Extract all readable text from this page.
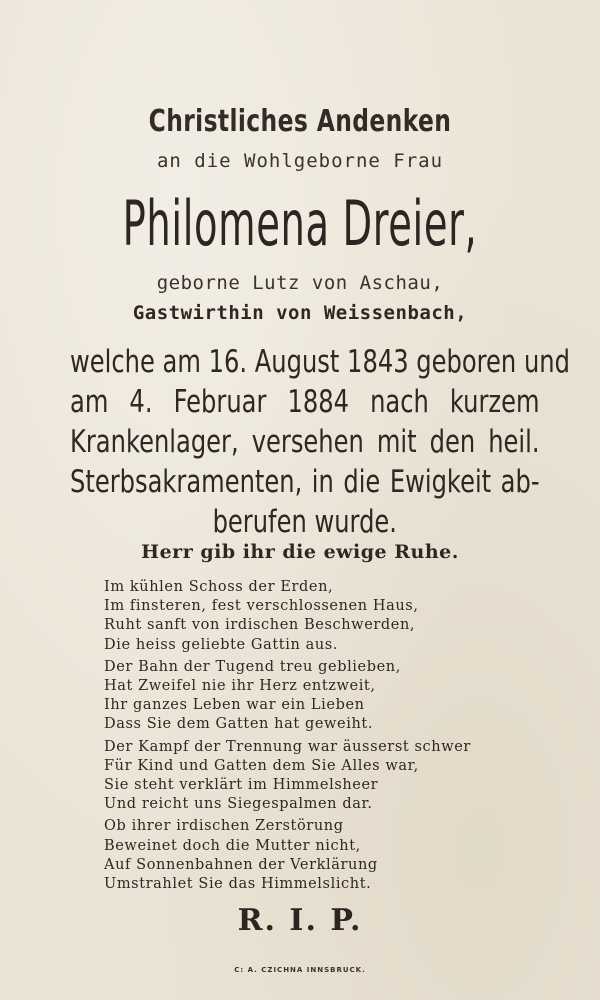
Christliches Andenken
an die Wohlgeborne Frau
Philomena Dreier,
geborne Lutz von Aschau,
Gastwirthin von Weissenbach,
welche am 16. August 1843 geboren und
am 4. Februar 1884 nach kurzem
Krankenlager, versehen mit den heil.
Sterbsakramenten, in die Ewigkeit ab-
berufen wurde.
Herr gib ihr die ewige Ruhe.
Im kühlen Schoss der Erden,
Im finsteren, fest verschlossenen Haus,
Ruht sanft von irdischen Beschwerden,
Die heiss geliebte Gattin aus.
Der Bahn der Tugend treu geblieben,
Hat Zweifel nie ihr Herz entzweit,
Ihr ganzes Leben war ein Lieben
Dass Sie dem Gatten hat geweiht.
Der Kampf der Trennung war äusserst schwer
Für Kind und Gatten dem Sie Alles war,
Sie steht verklärt im Himmelsheer
Und reicht uns Siegespalmen dar.
Ob ihrer irdischen Zerstörung
Beweinet doch die Mutter nicht,
Auf Sonnenbahnen der Verklärung
Umstrahlet Sie das Himmelslicht.
R. I. P.
C: A. CZICHNA INNSBRUCK.
